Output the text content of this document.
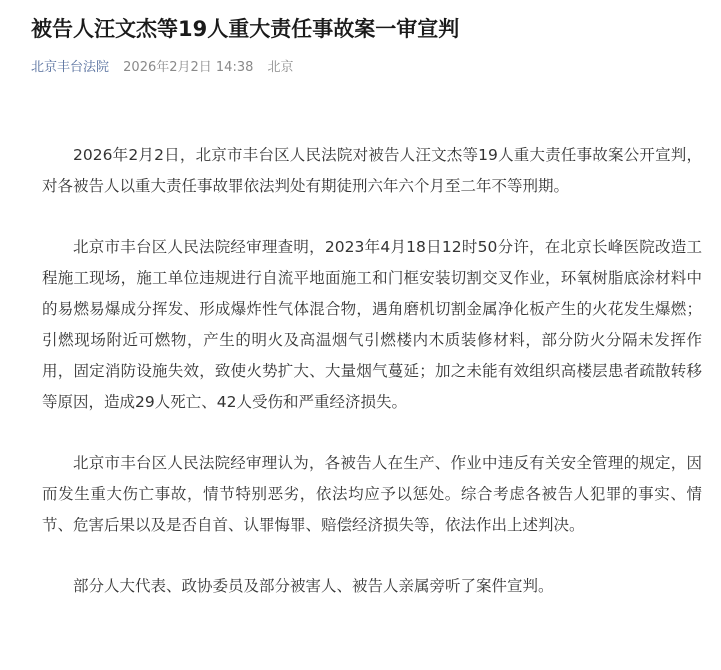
被告人汪文杰等19人重大责任事故案一审宣判
北京丰台法院 2026年2月2日 14:38 北京

2026年2月2日，北京市丰台区人民法院对被告人汪文杰等19人重大责任事故案公开宣判，对各被告人以重大责任事故罪依法判处有期徒刑六年六个月至二年不等刑期。

北京市丰台区人民法院经审理查明，2023年4月18日12时50分许，在北京长峰医院改造工程施工现场，施工单位违规进行自流平地面施工和门框安装切割交叉作业，环氧树脂底涂材料中的易燃易爆成分挥发、形成爆炸性气体混合物，遇角磨机切割金属净化板产生的火花发生爆燃；引燃现场附近可燃物，产生的明火及高温烟气引燃楼内木质装修材料，部分防火分隔未发挥作用，固定消防设施失效，致使火势扩大、大量烟气蔓延；加之未能有效组织高楼层患者疏散转移等原因，造成29人死亡、42人受伤和严重经济损失。

北京市丰台区人民法院经审理认为，各被告人在生产、作业中违反有关安全管理的规定，因而发生重大伤亡事故，情节特别恶劣，依法均应予以惩处。综合考虑各被告人犯罪的事实、情节、危害后果以及是否自首、认罪悔罪、赔偿经济损失等，依法作出上述判决。

部分人大代表、政协委员及部分被害人、被告人亲属旁听了案件宣判。
